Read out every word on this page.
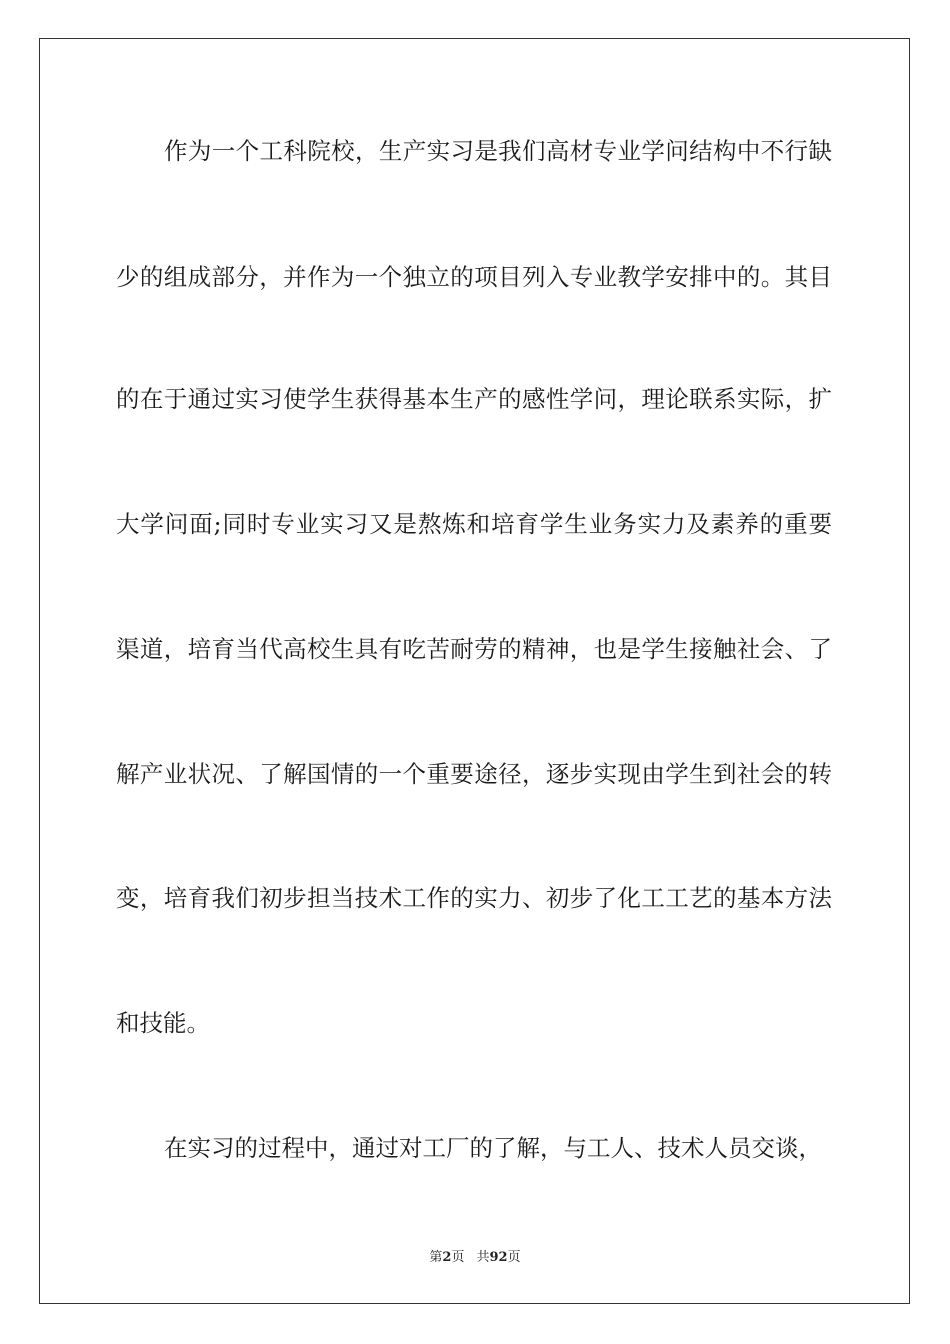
作为一个工科院校，生产实习是我们高材专业学问结构中不行缺
少的组成部分，并作为一个独立的项目列入专业教学安排中的。其目
的在于通过实习使学生获得基本生产的感性学问，理论联系实际，扩
大学问面;同时专业实习又是熬炼和培育学生业务实力及素养的重要
渠道，培育当代高校生具有吃苦耐劳的精神，也是学生接触社会、了
解产业状况、了解国情的一个重要途径，逐步实现由学生到社会的转
变，培育我们初步担当技术工作的实力、初步了化工工艺的基本方法
和技能。
在实习的过程中，通过对工厂的了解，与工人、技术人员交谈，
第2页 共92页
